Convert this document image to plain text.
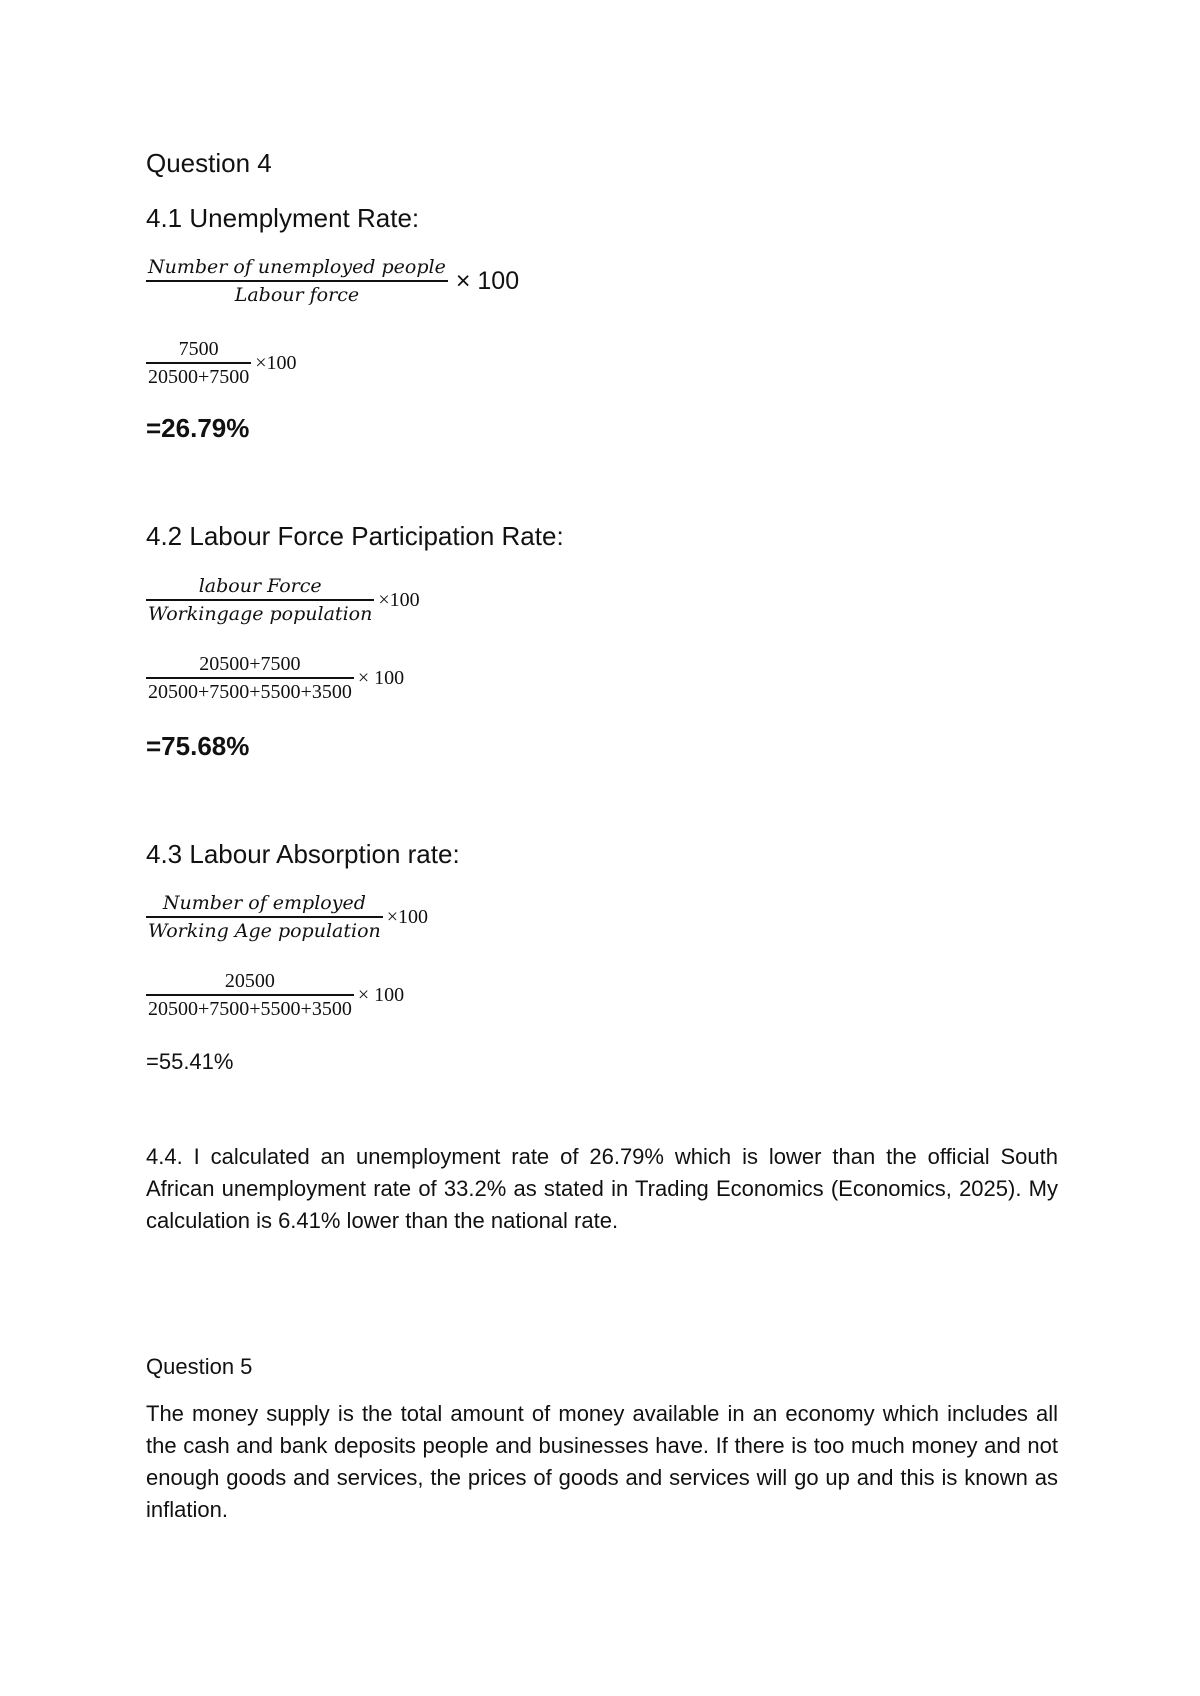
Question 4
4.1 Unemplyment Rate:
$\frac{\text{Number of unemployed people}}{\text{Labour force}} \times 100$
$\frac{7500}{20500+7500} \times 100$
=26.79%
4.2 Labour Force Participation Rate:
$\frac{\text{labour Force}}{\text{Workingage population}} \times 100$
$\frac{20500+7500}{20500+7500+5500+3500} \times 100$
=75.68%
4.3 Labour Absorption rate:
$\frac{\text{Number of employed}}{\text{Working Age population}} \times 100$
$\frac{20500}{20500+7500+5500+3500} \times 100$
=55.41%
4.4. I calculated an unemployment rate of 26.79% which is lower than the official South African unemployment rate of 33.2% as stated in Trading Economics (Economics, 2025). My calculation is 6.41% lower than the national rate.
Question 5
The money supply is the total amount of money available in an economy which includes all the cash and bank deposits people and businesses have. If there is too much money and not enough goods and services, the prices of goods and services will go up and this is known as inflation.
